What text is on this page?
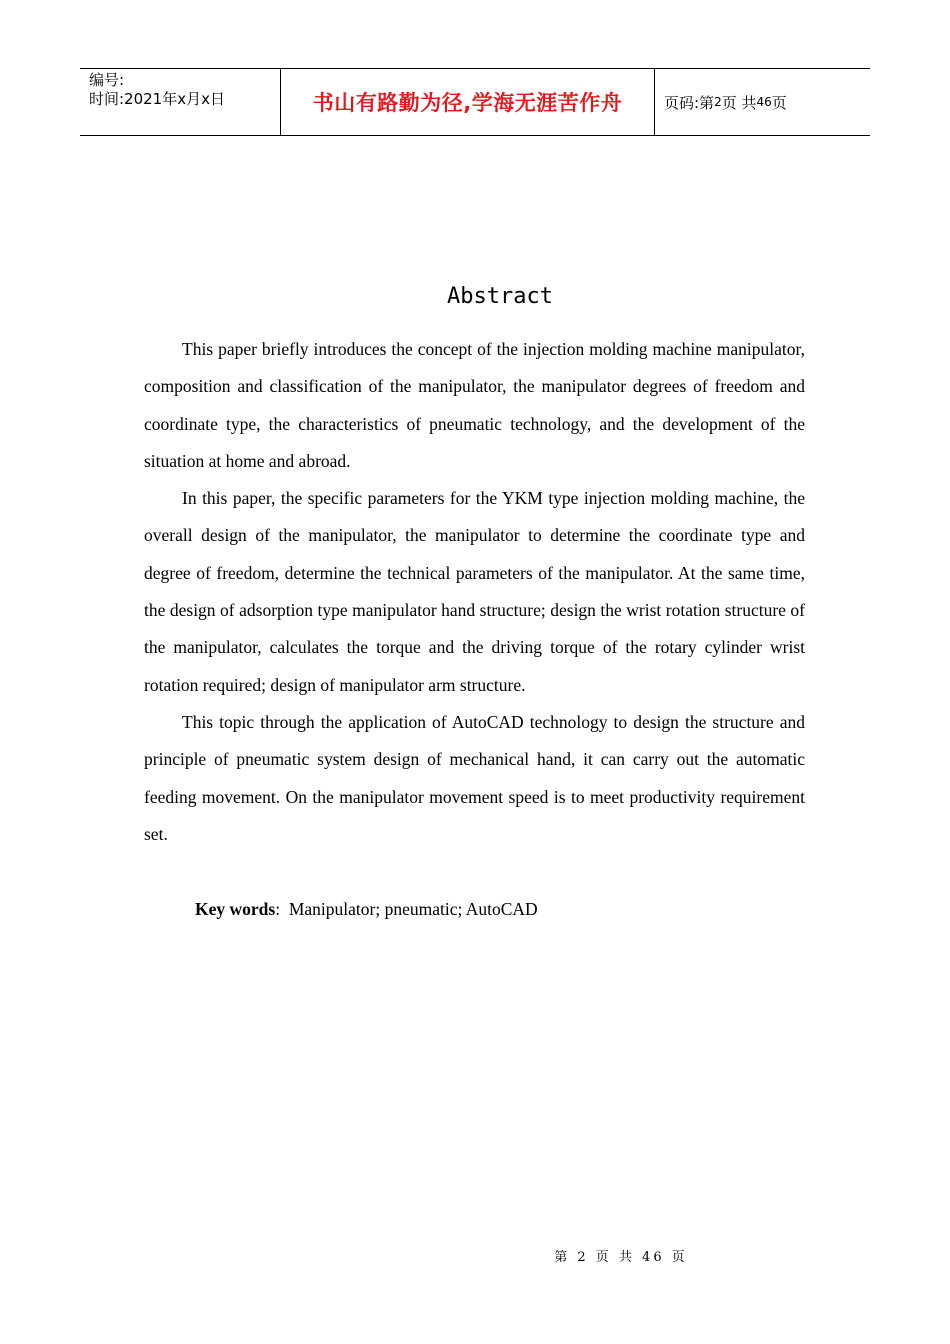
编号:
时间:2021年x月x日	书山有路勤为径,学海无涯苦作舟	页码:第 2 页 共 46 页
Abstract

This paper briefly introduces the concept of the injection molding machine manipulator, composition and classification of the manipulator, the manipulator degrees of freedom and coordinate type, the characteristics of pneumatic technology, and the development of the situation at home and abroad.

In this paper, the specific parameters for the YKM type injection molding machine, the overall design of the manipulator, the manipulator to determine the coordinate type and degree of freedom, determine the technical parameters of the manipulator. At the same time, the design of adsorption type manipulator hand structure; design the wrist rotation structure of the manipulator, calculates the torque and the driving torque of the rotary cylinder wrist rotation required; design of manipulator arm structure.

This topic through the application of AutoCAD technology to design the structure and principle of pneumatic system design of mechanical hand, it can carry out the automatic feeding movement. On the manipulator movement speed is to meet productivity requirement set.

Key words: Manipulator; pneumatic; AutoCAD
第 2 页 共 46 页
